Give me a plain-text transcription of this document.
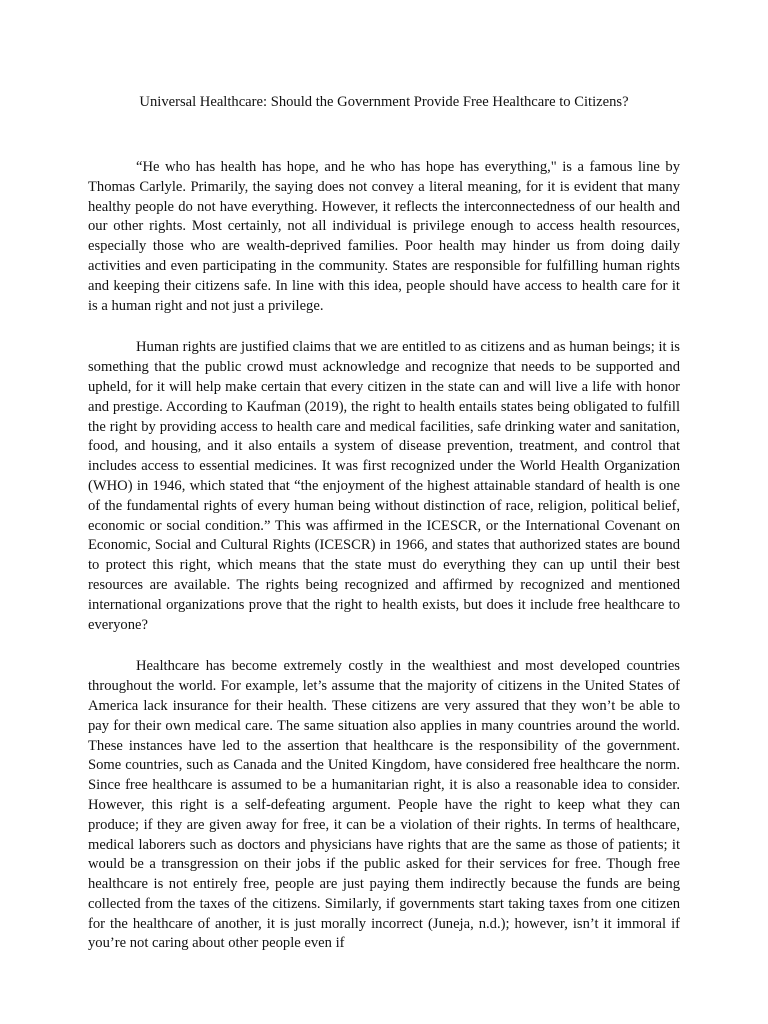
Universal Healthcare: Should the Government Provide Free Healthcare to Citizens?

“He who has health has hope, and he who has hope has everything," is a famous line by Thomas Carlyle. Primarily, the saying does not convey a literal meaning, for it is evident that many healthy people do not have everything. However, it reflects the interconnectedness of our health and our other rights. Most certainly, not all individual is privilege enough to access health resources, especially those who are wealth-deprived families. Poor health may hinder us from doing daily activities and even participating in the community. States are responsible for fulfilling human rights and keeping their citizens safe. In line with this idea, people should have access to health care for it is a human right and not just a privilege.

Human rights are justified claims that we are entitled to as citizens and as human beings; it is something that the public crowd must acknowledge and recognize that needs to be supported and upheld, for it will help make certain that every citizen in the state can and will live a life with honor and prestige. According to Kaufman (2019), the right to health entails states being obligated to fulfill the right by providing access to health care and medical facilities, safe drinking water and sanitation, food, and housing, and it also entails a system of disease prevention, treatment, and control that includes access to essential medicines. It was first recognized under the World Health Organization (WHO) in 1946, which stated that “the enjoyment of the highest attainable standard of health is one of the fundamental rights of every human being without distinction of race, religion, political belief, economic or social condition.” This was affirmed in the ICESCR, or the International Covenant on Economic, Social and Cultural Rights (ICESCR) in 1966, and states that authorized states are bound to protect this right, which means that the state must do everything they can up until their best resources are available. The rights being recognized and affirmed by recognized and mentioned international organizations prove that the right to health exists, but does it include free healthcare to everyone?

Healthcare has become extremely costly in the wealthiest and most developed countries throughout the world. For example, let’s assume that the majority of citizens in the United States of America lack insurance for their health. These citizens are very assured that they won’t be able to pay for their own medical care. The same situation also applies in many countries around the world. These instances have led to the assertion that healthcare is the responsibility of the government. Some countries, such as Canada and the United Kingdom, have considered free healthcare the norm. Since free healthcare is assumed to be a humanitarian right, it is also a reasonable idea to consider. However, this right is a self-defeating argument. People have the right to keep what they can produce; if they are given away for free, it can be a violation of their rights. In terms of healthcare, medical laborers such as doctors and physicians have rights that are the same as those of patients; it would be a transgression on their jobs if the public asked for their services for free. Though free healthcare is not entirely free, people are just paying them indirectly because the funds are being collected from the taxes of the citizens. Similarly, if governments start taking taxes from one citizen for the healthcare of another, it is just morally incorrect (Juneja, n.d.); however, isn’t it immoral if you’re not caring about other people even if
